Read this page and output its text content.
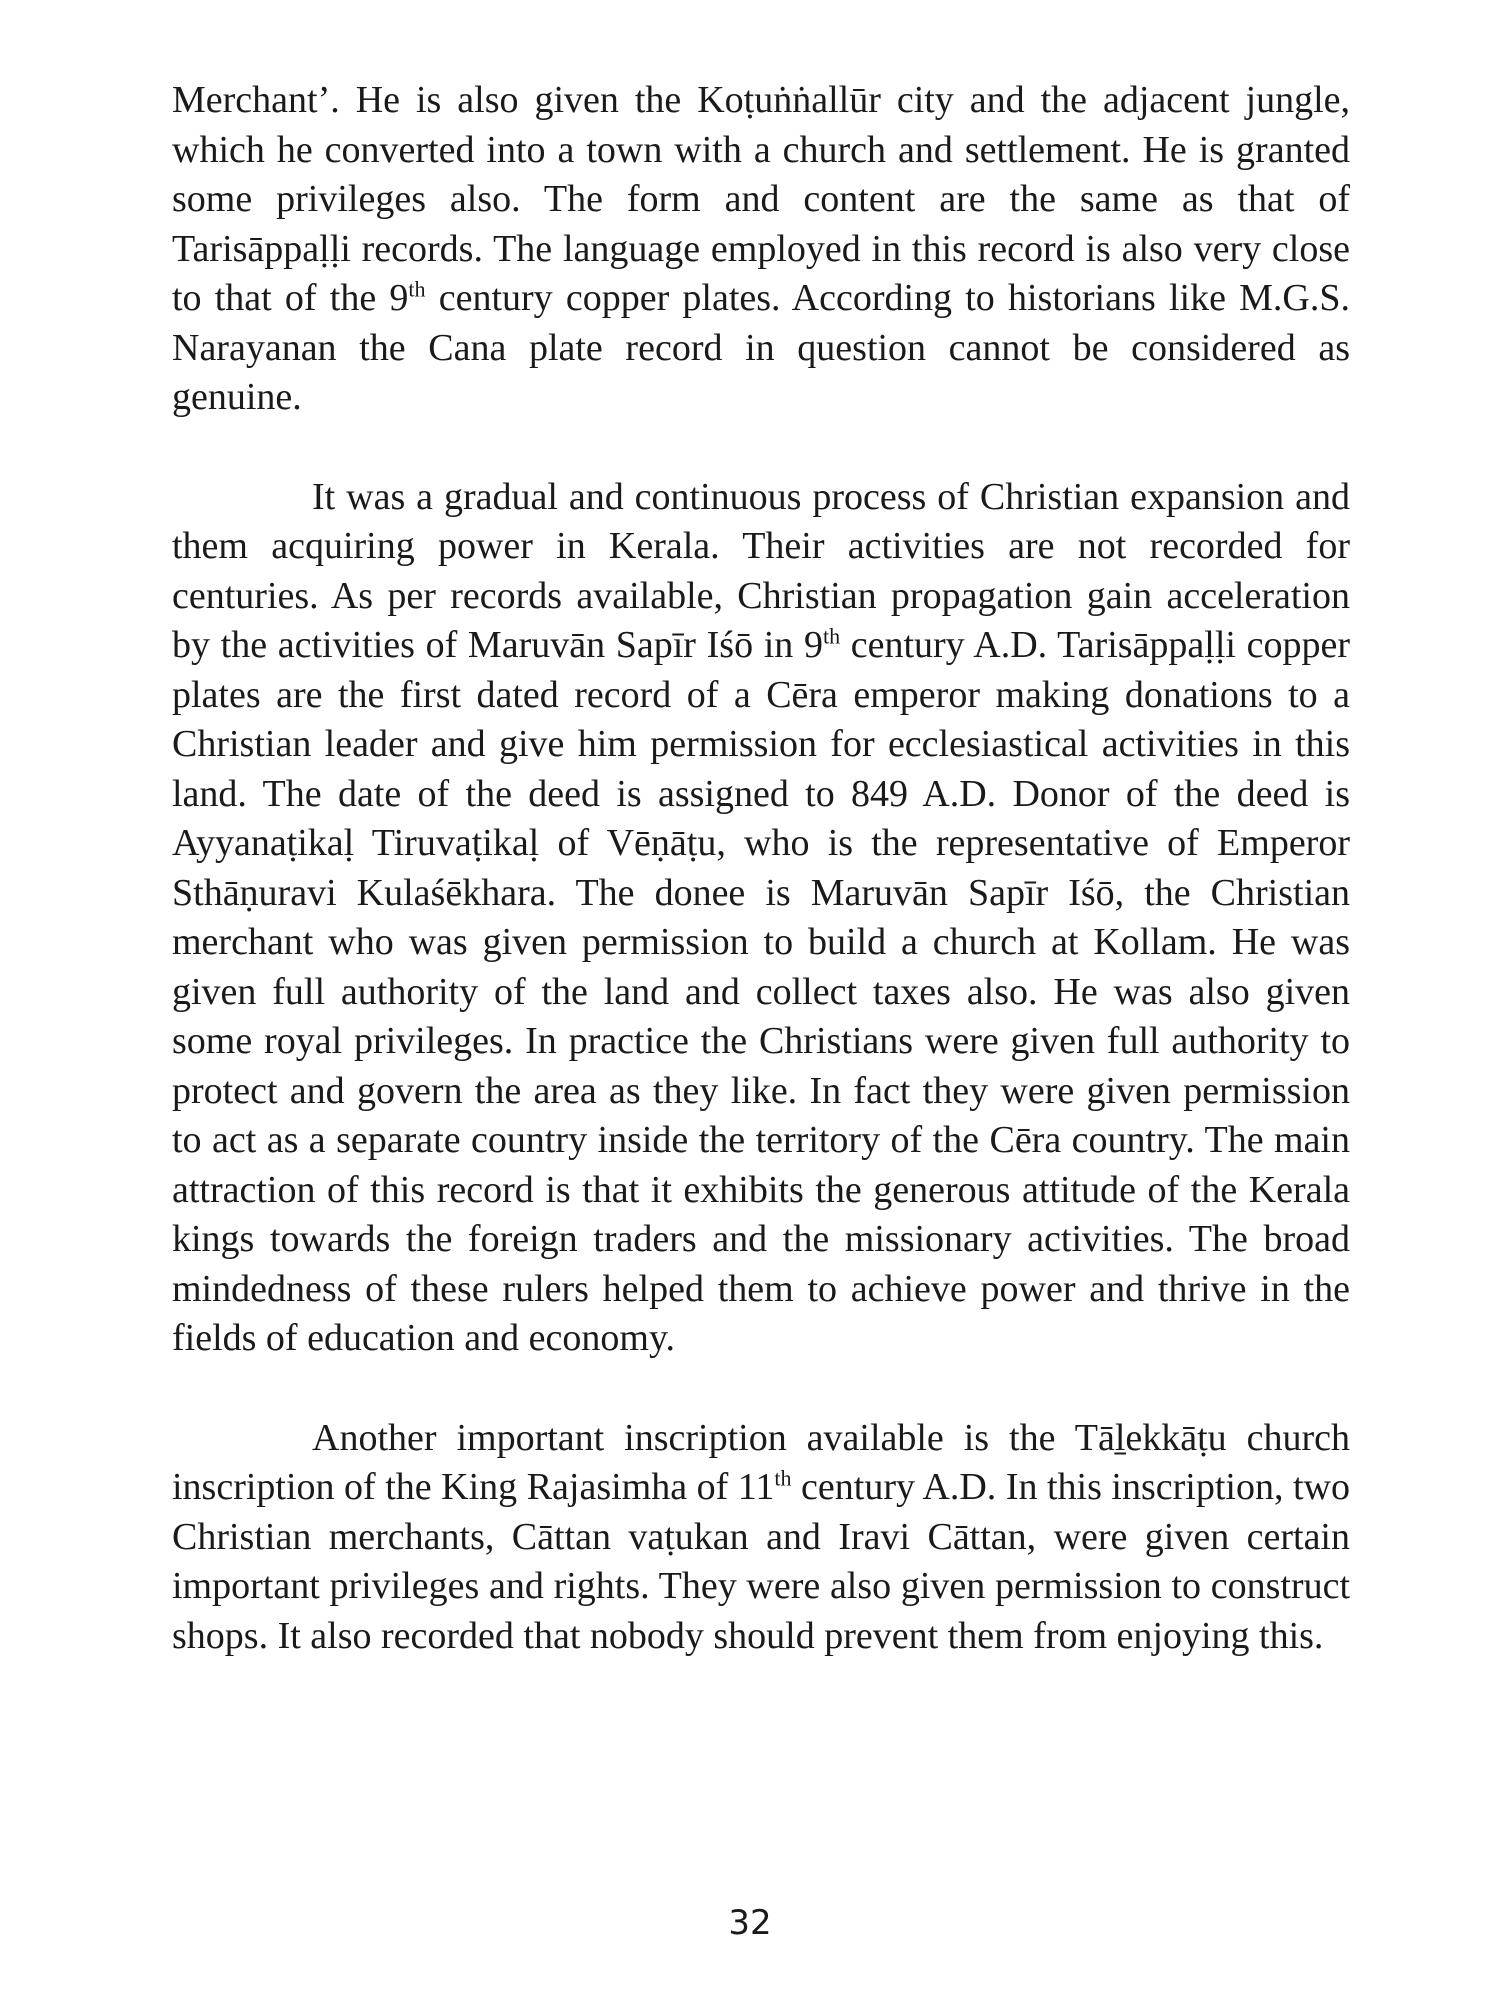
Merchant’. He is also given the Koṭuṅṅallūr city and the adjacent jungle, which he converted into a town with a church and settlement. He is granted some privileges also. The form and content are the same as that of Tarisāppaḷḷi records. The language employed in this record is also very close to that of the 9th century copper plates. According to historians like M.G.S. Narayanan the Cana plate record in question cannot be considered as genuine.

It was a gradual and continuous process of Christian expansion and them acquiring power in Kerala. Their activities are not recorded for centuries. As per records available, Christian propagation gain acceleration by the activities of Maruvān Sapīr Iśō in 9th century A.D. Tarisāppaḷḷi copper plates are the first dated record of a Cēra emperor making donations to a Christian leader and give him permission for ecclesiastical activities in this land. The date of the deed is assigned to 849 A.D. Donor of the deed is Ayyanaṭikaḷ Tiruvaṭikaḷ of Vēṇāṭu, who is the representative of Emperor Sthāṇuravi Kulaśēkhara. The donee is Maruvān Sapīr Iśō, the Christian merchant who was given permission to build a church at Kollam. He was given full authority of the land and collect taxes also. He was also given some royal privileges. In practice the Christians were given full authority to protect and govern the area as they like. In fact they were given permission to act as a separate country inside the territory of the Cēra country. The main attraction of this record is that it exhibits the generous attitude of the Kerala kings towards the foreign traders and the missionary activities. The broad mindedness of these rulers helped them to achieve power and thrive in the fields of education and economy.

Another important inscription available is the Tāḻekkāṭu church inscription of the King Rajasimha of 11th century A.D. In this inscription, two Christian merchants, Cāttan vaṭukan and Iravi Cāttan, were given certain important privileges and rights. They were also given permission to construct shops. It also recorded that nobody should prevent them from enjoying this.

32
